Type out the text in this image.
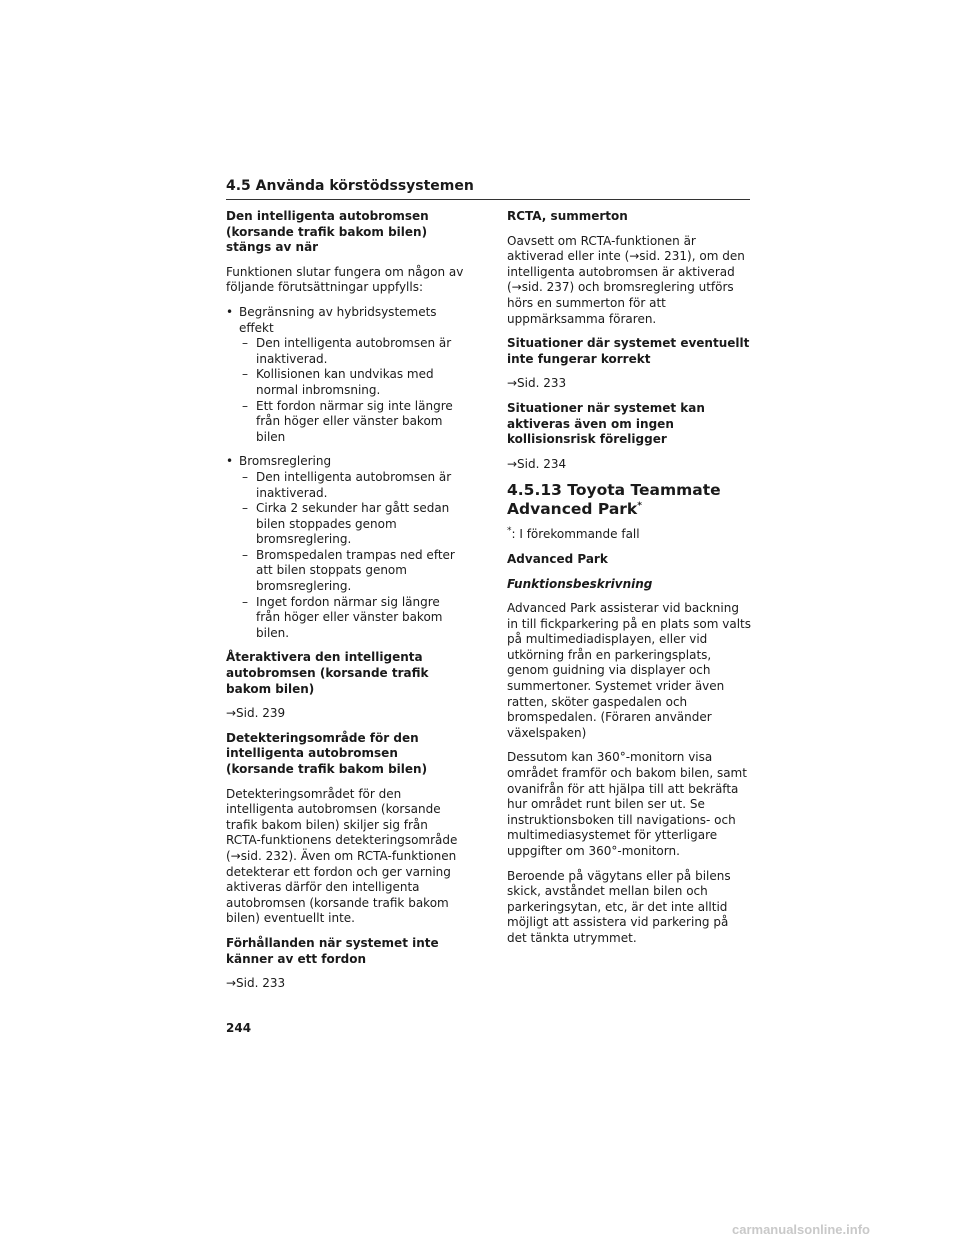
4.5 Använda körstödssystemen
Den intelligenta autobromsen (korsande trafik bakom bilen) stängs av när
Funktionen slutar fungera om någon av följande förutsättningar uppfylls:
• Begränsning av hybridsystemets effekt
– Den intelligenta autobromsen är inaktiverad.
– Kollisionen kan undvikas med normal inbromsning.
– Ett fordon närmar sig inte längre från höger eller vänster bakom bilen
• Bromsreglering
– Den intelligenta autobromsen är inaktiverad.
– Cirka 2 sekunder har gått sedan bilen stoppades genom bromsreglering.
– Bromspedalen trampas ned efter att bilen stoppats genom bromsreglering.
– Inget fordon närmar sig längre från höger eller vänster bakom bilen.
Återaktivera den intelligenta autobromsen (korsande trafik bakom bilen)
→Sid. 239
Detekteringsområde för den intelligenta autobromsen (korsande trafik bakom bilen)
Detekteringsområdet för den intelligenta autobromsen (korsande trafik bakom bilen) skiljer sig från RCTA-funktionens detekteringsområde (→sid. 232). Även om RCTA-funktionen detekterar ett fordon och ger varning aktiveras därför den intelligenta autobromsen (korsande trafik bakom bilen) eventuellt inte.
Förhållanden när systemet inte känner av ett fordon
→Sid. 233
RCTA, summerton
Oavsett om RCTA-funktionen är aktiverad eller inte (→sid. 231), om den intelligenta autobromsen är aktiverad (→sid. 237) och bromsreglering utförs hörs en summerton för att uppmärksamma föraren.
Situationer där systemet eventuellt inte fungerar korrekt
→Sid. 233
Situationer när systemet kan aktiveras även om ingen kollisionsrisk föreligger
→Sid. 234
4.5.13 Toyota Teammate Advanced Park*
*: I förekommande fall
Advanced Park
Funktionsbeskrivning
Advanced Park assisterar vid backning in till fickparkering på en plats som valts på multimediadisplayen, eller vid utkörning från en parkeringsplats, genom guidning via displayer och summertoner. Systemet vrider även ratten, sköter gaspedalen och bromspedalen. (Föraren använder växelspaken)
Dessutom kan 360°-monitorn visa området framför och bakom bilen, samt ovanifrån för att hjälpa till att bekräfta hur området runt bilen ser ut. Se instruktionsboken till navigations- och multimediasystemet för ytterligare uppgifter om 360°-monitorn.
Beroende på vägytans eller på bilens skick, avståndet mellan bilen och parkeringsytan, etc, är det inte alltid möjligt att assistera vid parkering på det tänkta utrymmet.
244
carmanualsonline.info
